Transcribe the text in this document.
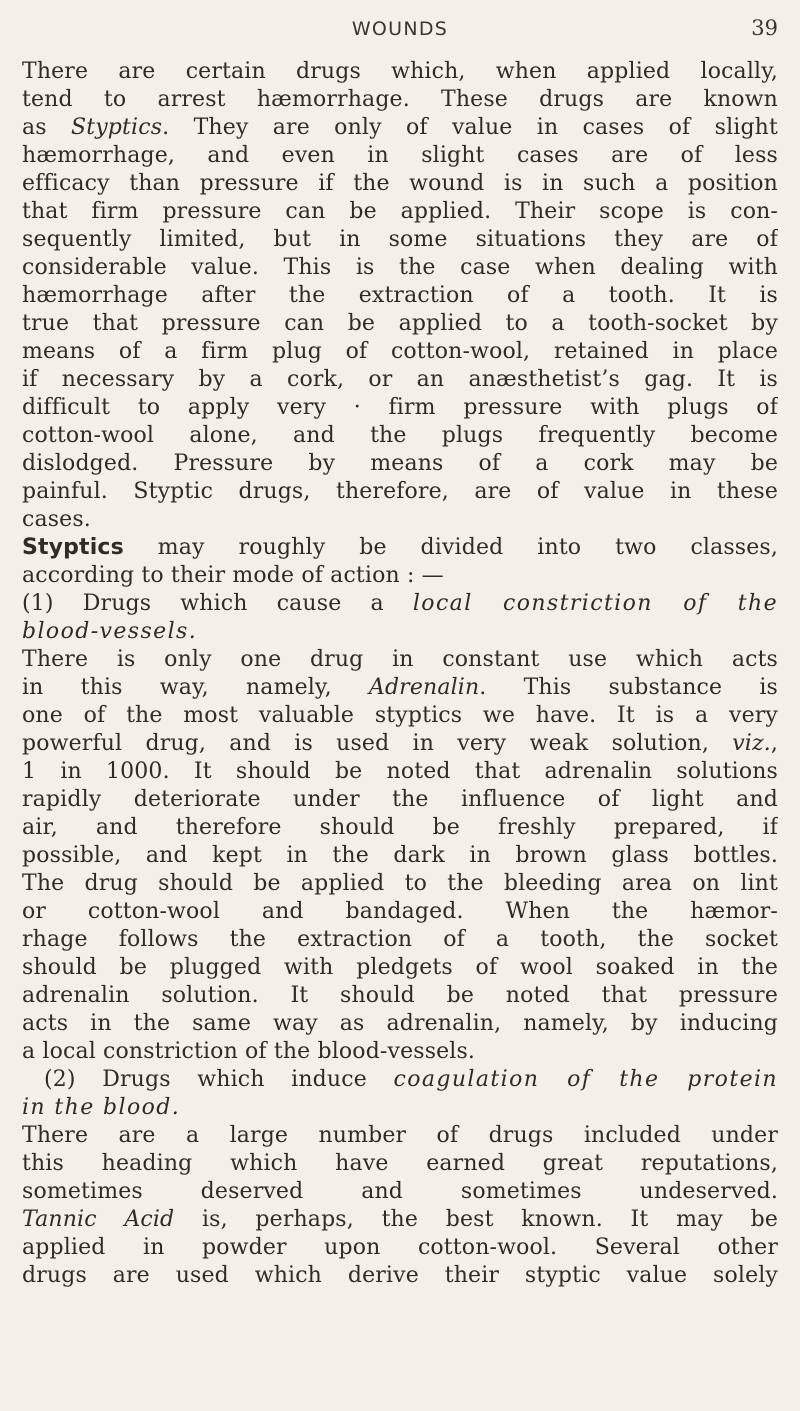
WOUNDS	39
There are certain drugs which, when applied locally,
tend to arrest hæmorrhage. These drugs are known
as Styptics. They are only of value in cases of slight
hæmorrhage, and even in slight cases are of less
efficacy than pressure if the wound is in such a position
that firm pressure can be applied. Their scope is con-
sequently limited, but in some situations they are of
considerable value. This is the case when dealing with
hæmorrhage after the extraction of a tooth. It is
true that pressure can be applied to a tooth-socket by
means of a firm plug of cotton-wool, retained in place
if necessary by a cork, or an anæsthetist’s gag. It is
difficult to apply very · firm pressure with plugs of
cotton-wool alone, and the plugs frequently become
dislodged. Pressure by means of a cork may be
painful. Styptic drugs, therefore, are of value in these
cases.
Styptics may roughly be divided into two classes,
according to their mode of action : —
(1) Drugs which cause a local constriction of the
blood-vessels.
There is only one drug in constant use which acts
in this way, namely, Adrenalin. This substance is
one of the most valuable styptics we have. It is a very
powerful drug, and is used in very weak solution, viz.,
1 in 1000. It should be noted that adrenalin solutions
rapidly deteriorate under the influence of light and
air, and therefore should be freshly prepared, if
possible, and kept in the dark in brown glass bottles.
The drug should be applied to the bleeding area on lint
or cotton-wool and bandaged. When the hæmor-
rhage follows the extraction of a tooth, the socket
should be plugged with pledgets of wool soaked in the
adrenalin solution. It should be noted that pressure
acts in the same way as adrenalin, namely, by inducing
a local constriction of the blood-vessels.
(2) Drugs which induce coagulation of the protein
in the blood.
There are a large number of drugs included under
this heading which have earned great reputations,
sometimes deserved and sometimes undeserved.
Tannic Acid is, perhaps, the best known. It may be
applied in powder upon cotton-wool. Several other
drugs are used which derive their styptic value solely
